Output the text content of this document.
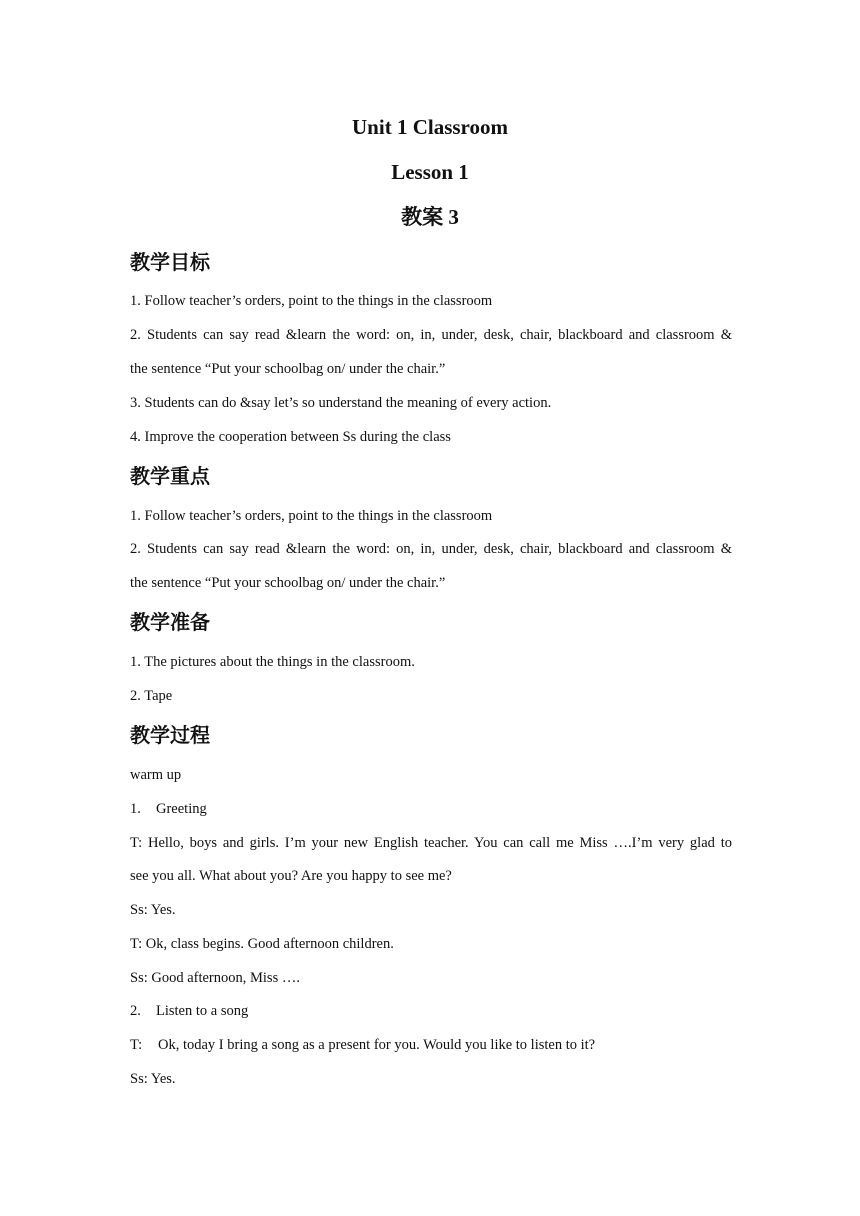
Unit 1 Classroom
Lesson 1
教案 3
教学目标

1. Follow teacher’s orders, point to the things in the classroom

2. Students can say read &learn the word: on, in, under, desk, chair, blackboard and classroom &

the sentence “Put your schoolbag on/ under the chair.”

3. Students can do &say let’s so understand the meaning of every action.

4. Improve the cooperation between Ss during the class

教学重点

1. Follow teacher’s orders, point to the things in the classroom

2. Students can say read &learn the word: on, in, under, desk, chair, blackboard and classroom &

the sentence “Put your schoolbag on/ under the chair.”

教学准备

1. The pictures about the things in the classroom.

2. Tape

教学过程

warm up

1. Greeting

T: Hello, boys and girls. I’m your new English teacher. You can call me Miss ….I’m very glad to

see you all. What about you? Are you happy to see me?

Ss: Yes.

T: Ok, class begins. Good afternoon children.

Ss: Good afternoon, Miss ….

2. Listen to a song

T: Ok, today I bring a song as a present for you. Would you like to listen to it?

Ss: Yes.
